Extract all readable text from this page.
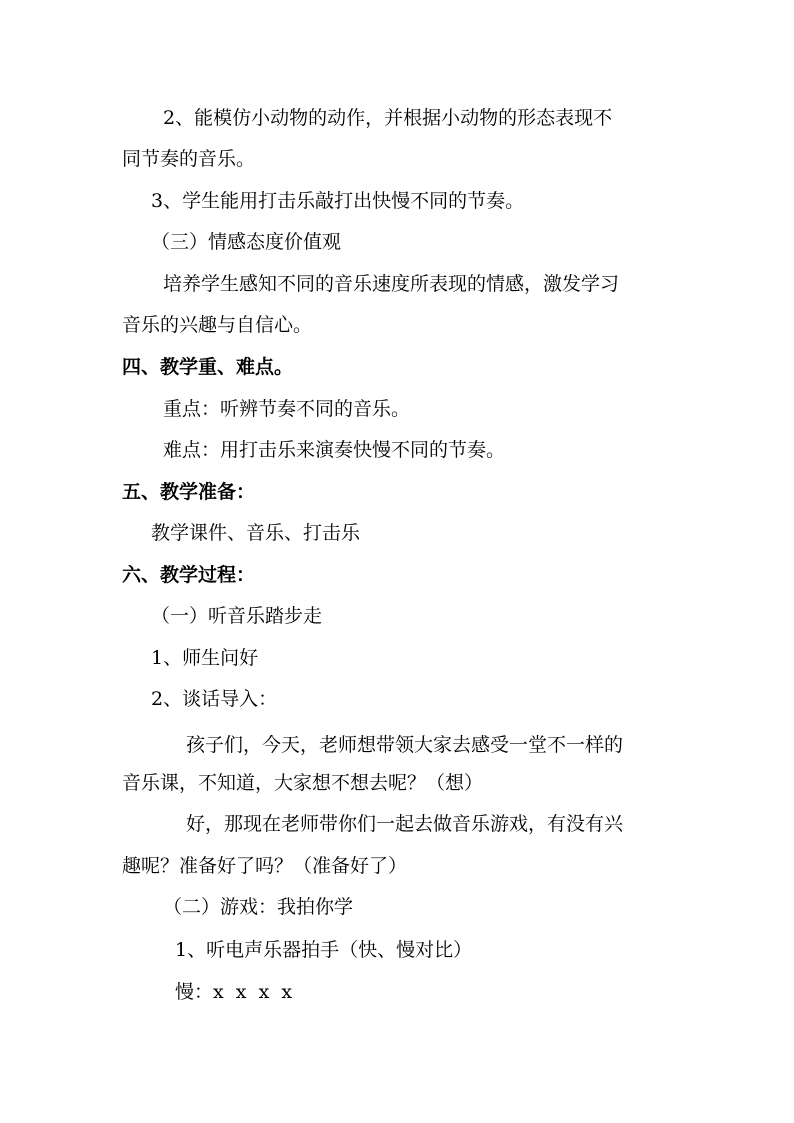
2、能模仿小动物的动作，并根据小动物的形态表现不
同节奏的音乐。
3、学生能用打击乐敲打出快慢不同的节奏。
（三）情感态度价值观
培养学生感知不同的音乐速度所表现的情感，激发学习
音乐的兴趣与自信心。
四、教学重、难点。
重点：听辨节奏不同的音乐。
难点：用打击乐来演奏快慢不同的节奏。
五、教学准备：
教学课件、音乐、打击乐
六、教学过程：
（一）听音乐踏步走
1、师生问好
2、谈话导入：
孩子们，今天，老师想带领大家去感受一堂不一样的
音乐课，不知道，大家想不想去呢？（想）
好，那现在老师带你们一起去做音乐游戏，有没有兴
趣呢？准备好了吗？（准备好了）
（二）游戏：我拍你学
1、听电声乐器拍手（快、慢对比）
慢：x  x  x  x
